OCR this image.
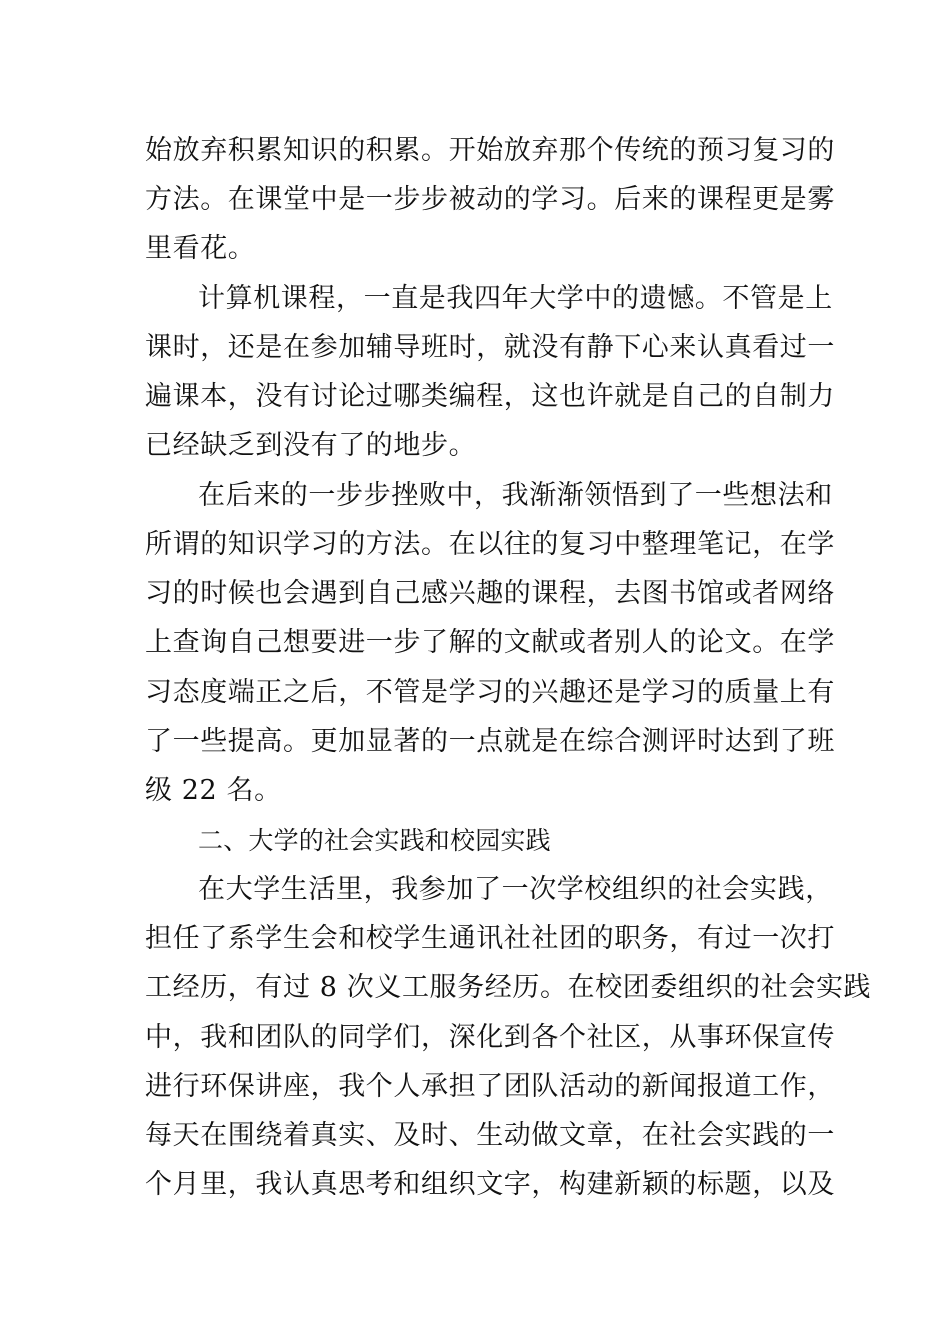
始放弃积累知识的积累。开始放弃那个传统的预习复习的
方法。在课堂中是一步步被动的学习。后来的课程更是雾
里看花。
计算机课程，一直是我四年大学中的遗憾。不管是上
课时，还是在参加辅导班时，就没有静下心来认真看过一
遍课本，没有讨论过哪类编程，这也许就是自己的自制力
已经缺乏到没有了的地步。
在后来的一步步挫败中，我渐渐领悟到了一些想法和
所谓的知识学习的方法。在以往的复习中整理笔记，在学
习的时候也会遇到自己感兴趣的课程，去图书馆或者网络
上查询自己想要进一步了解的文献或者别人的论文。在学
习态度端正之后，不管是学习的兴趣还是学习的质量上有
了一些提高。更加显著的一点就是在综合测评时达到了班
级 22 名。
二、大学的社会实践和校园实践
在大学生活里，我参加了一次学校组织的社会实践，
担任了系学生会和校学生通讯社社团的职务，有过一次打
工经历，有过 8 次义工服务经历。在校团委组织的社会实践
中，我和团队的同学们，深化到各个社区，从事环保宣传
进行环保讲座，我个人承担了团队活动的新闻报道工作，
每天在围绕着真实、及时、生动做文章，在社会实践的一
个月里，我认真思考和组织文字，构建新颖的标题，以及
